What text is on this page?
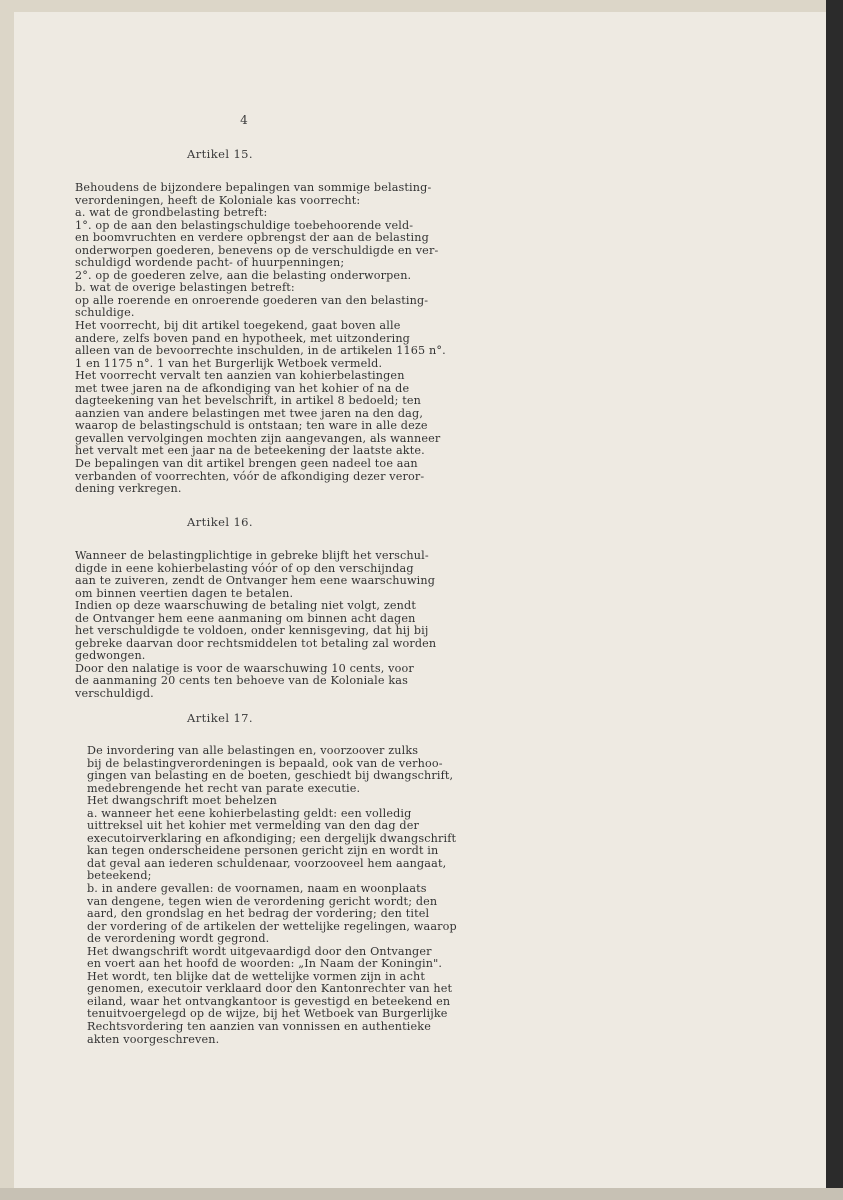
4
Artikel 15.
Behoudens de bijzondere bepalingen van sommige belasting-
verordeningen, heeft de Koloniale kas voorrecht:
a. wat de grondbelasting betreft:
1°. op de aan den belastingschuldige toebehoorende veld-
en boomvruchten en verdere opbrengst der aan de belasting
onderworpen goederen, benevens op de verschuldigde en ver-
schuldigd wordende pacht- of huurpenningen;
2°. op de goederen zelve, aan die belasting onderworpen.
b. wat de overige belastingen betreft:
op alle roerende en onroerende goederen van den belasting-
schuldige.
Het voorrecht, bij dit artikel toegekend, gaat boven alle
andere, zelfs boven pand en hypotheek, met uitzondering
alleen van de bevoorrechte inschulden, in de artikelen 1165 n°.
1 en 1175 n°. 1 van het Burgerlijk Wetboek vermeld.
Het voorrecht vervalt ten aanzien van kohierbelastingen
met twee jaren na de afkondiging van het kohier of na de
dagteekening van het bevelschrift, in artikel 8 bedoeld; ten
aanzien van andere belastingen met twee jaren na den dag,
waarop de belastingschuld is ontstaan; ten ware in alle deze
gevallen vervolgingen mochten zijn aangevangen, als wanneer
het vervalt met een jaar na de beteekening der laatste akte.
De bepalingen van dit artikel brengen geen nadeel toe aan
verbanden of voorrechten, vóór de afkondiging dezer veror-
dening verkregen.
Artikel 16.
Wanneer de belastingplichtige in gebreke blijft het verschul-
digde in eene kohierbelasting vóór of op den verschijndag
aan te zuiveren, zendt de Ontvanger hem eene waarschuwing
om binnen veertien dagen te betalen.
Indien op deze waarschuwing de betaling niet volgt, zendt
de Ontvanger hem eene aanmaning om binnen acht dagen
het verschuldigde te voldoen, onder kennisgeving, dat hij bij
gebreke daarvan door rechtsmiddelen tot betaling zal worden
gedwongen.
Door den nalatige is voor de waarschuwing 10 cents, voor
de aanmaning 20 cents ten behoeve van de Koloniale kas
verschuldigd.
Artikel 17.
De invordering van alle belastingen en, voorzoover zulks
bij de belastingverordeningen is bepaald, ook van de verhoo-
gingen van belasting en de boeten, geschiedt bij dwangschrift,
medebrengende het recht van parate executie.
Het dwangschrift moet behelzen
a. wanneer het eene kohierbelasting geldt: een volledig
uittreksel uit het kohier met vermelding van den dag der
executoirverklaring en afkondiging; een dergelijk dwangschrift
kan tegen onderscheidene personen gericht zijn en wordt in
dat geval aan iederen schuldenaar, voorzooveel hem aangaat,
beteekend;
b. in andere gevallen: de voornamen, naam en woonplaats
van dengene, tegen wien de verordening gericht wordt; den
aard, den grondslag en het bedrag der vordering; den titel
der vordering of de artikelen der wettelijke regelingen, waarop
de verordening wordt gegrond.
Het dwangschrift wordt uitgevaardigd door den Ontvanger
en voert aan het hoofd de woorden: „In Naam der Koningin".
Het wordt, ten blijke dat de wettelijke vormen zijn in acht
genomen, executoir verklaard door den Kantonrechter van het
eiland, waar het ontvangkantoor is gevestigd en beteekend en
tenuitvoergelegd op de wijze, bij het Wetboek van Burgerlijke
Rechtsvordering ten aanzien van vonnissen en authentieke
akten voorgeschreven.
